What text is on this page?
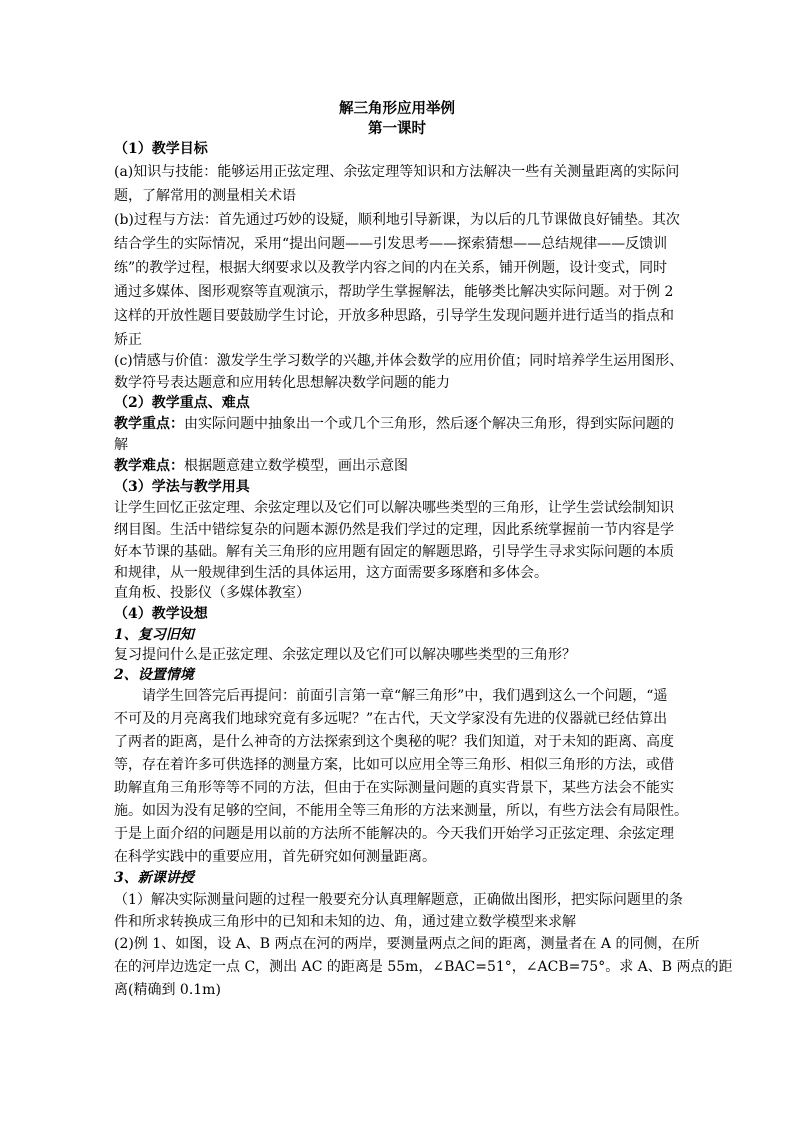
解三角形应用举例
第一课时
（1）教学目标
(a)知识与技能：能够运用正弦定理、余弦定理等知识和方法解决一些有关测量距离的实际问
题，了解常用的测量相关术语
(b)过程与方法：首先通过巧妙的设疑，顺利地引导新课，为以后的几节课做良好铺垫。其次
结合学生的实际情况，采用“提出问题——引发思考——探索猜想——总结规律——反馈训
练”的教学过程，根据大纲要求以及教学内容之间的内在关系，铺开例题，设计变式，同时
通过多媒体、图形观察等直观演示，帮助学生掌握解法，能够类比解决实际问题。对于例 2
这样的开放性题目要鼓励学生讨论，开放多种思路，引导学生发现问题并进行适当的指点和
矫正
(c)情感与价值：激发学生学习数学的兴趣,并体会数学的应用价值；同时培养学生运用图形、
数学符号表达题意和应用转化思想解决数学问题的能力
（2）教学重点、难点
教学重点：由实际问题中抽象出一个或几个三角形，然后逐个解决三角形，得到实际问题的
解
教学难点：根据题意建立数学模型，画出示意图
（3）学法与教学用具
让学生回忆正弦定理、余弦定理以及它们可以解决哪些类型的三角形，让学生尝试绘制知识
纲目图。生活中错综复杂的问题本源仍然是我们学过的定理，因此系统掌握前一节内容是学
好本节课的基础。解有关三角形的应用题有固定的解题思路，引导学生寻求实际问题的本质
和规律，从一般规律到生活的具体运用，这方面需要多琢磨和多体会。
直角板、投影仪（多媒体教室）
（4）教学设想
1、复习旧知
复习提问什么是正弦定理、余弦定理以及它们可以解决哪些类型的三角形？
2、设置情境
请学生回答完后再提问：前面引言第一章“解三角形”中，我们遇到这么一个问题，“遥
不可及的月亮离我们地球究竟有多远呢？”在古代，天文学家没有先进的仪器就已经估算出
了两者的距离，是什么神奇的方法探索到这个奥秘的呢？我们知道，对于未知的距离、高度
等，存在着许多可供选择的测量方案，比如可以应用全等三角形、相似三角形的方法，或借
助解直角三角形等等不同的方法，但由于在实际测量问题的真实背景下，某些方法会不能实
施。如因为没有足够的空间，不能用全等三角形的方法来测量，所以，有些方法会有局限性。
于是上面介绍的问题是用以前的方法所不能解决的。今天我们开始学习正弦定理、余弦定理
在科学实践中的重要应用，首先研究如何测量距离。
3、新课讲授
（1）解决实际测量问题的过程一般要充分认真理解题意，正确做出图形，把实际问题里的条
件和所求转换成三角形中的已知和未知的边、角，通过建立数学模型来求解
(2)例 1、如图，设 A、B 两点在河的两岸，要测量两点之间的距离，测量者在 A 的同侧，在所
在的河岸边选定一点 C，测出 AC 的距离是 55m，∠BAC=51°，∠ACB=75°。求 A、B 两点的距
离(精确到 0.1m)
